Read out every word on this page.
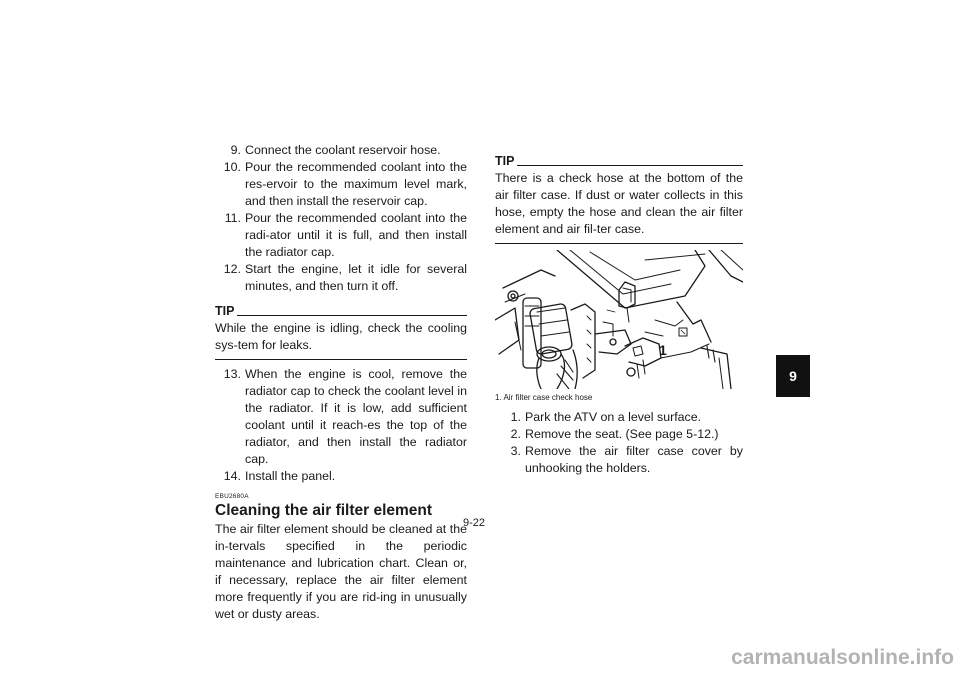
9. Connect the coolant reservoir hose.

10. Pour the recommended coolant into the res-ervoir to the maximum level mark, and then install the reservoir cap.

11. Pour the recommended coolant into the radi-ator until it is full, and then install the radiator cap.

12. Start the engine, let it idle for several minutes, and then turn it off.

TIP
While the engine is idling, check the cooling sys-tem for leaks.

13. When the engine is cool, remove the radiator cap to check the coolant level in the radiator. If it is low, add sufficient coolant until it reach-es the top of the radiator, and then install the radiator cap.

14. Install the panel.

EBU2680A
Cleaning the air filter element

The air filter element should be cleaned at the in-tervals specified in the periodic maintenance and lubrication chart. Clean or, if necessary, replace the air filter element more frequently if you are rid-ing in unusually wet or dusty areas.

TIP
There is a check hose at the bottom of the air filter case. If dust or water collects in this hose, empty the hose and clean the air filter element and air fil-ter case.
1
1. Air filter case check hose

1. Park the ATV on a level surface.

2. Remove the seat. (See page 5-12.)

3. Remove the air filter case cover by unhooking the holders.

9-22
9
carmanualsonline.info
